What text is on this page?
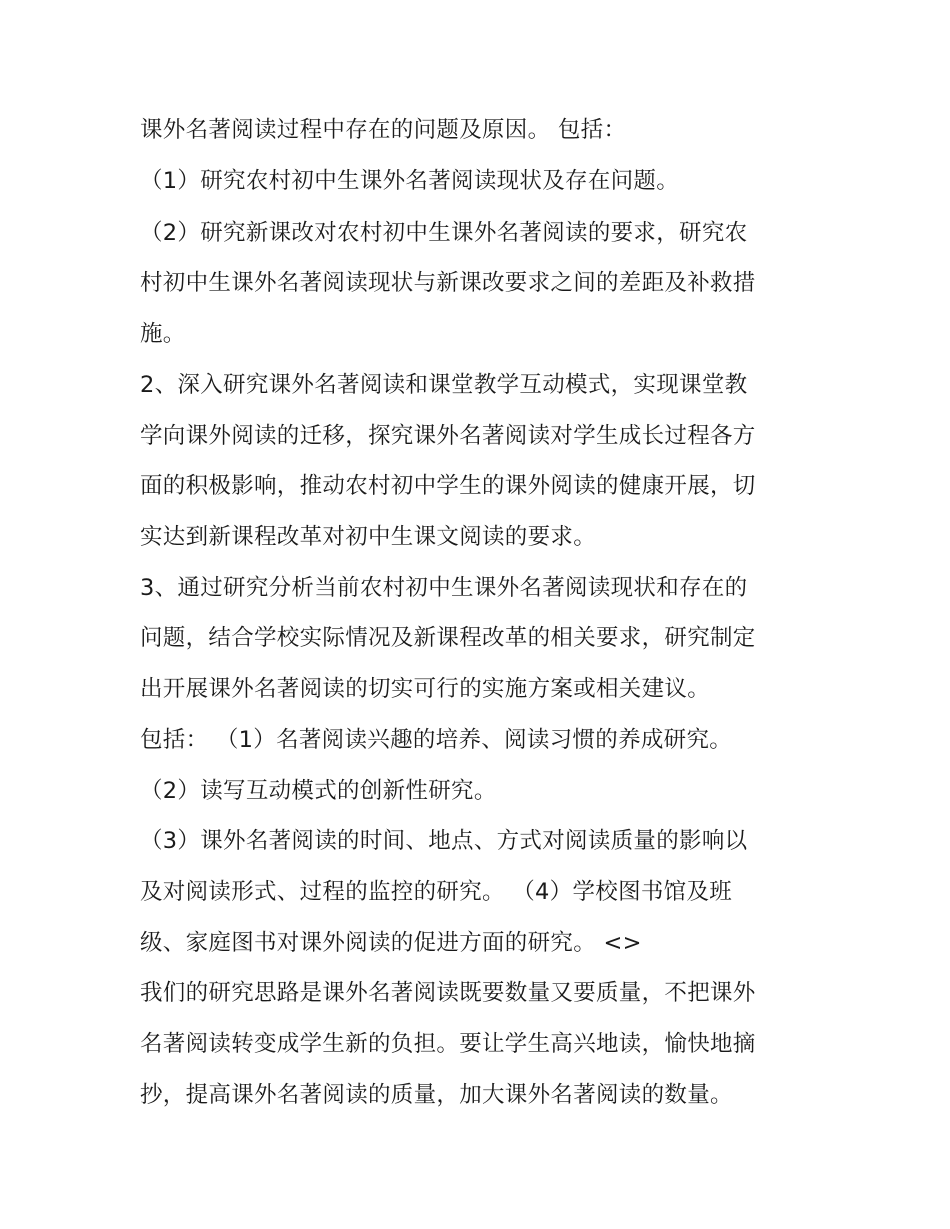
课外名著阅读过程中存在的问题及原因。 包括：
（1）研究农村初中生课外名著阅读现状及存在问题。
（2）研究新课改对农村初中生课外名著阅读的要求，研究农
村初中生课外名著阅读现状与新课改要求之间的差距及补救措
施。
2、深入研究课外名著阅读和课堂教学互动模式，实现课堂教
学向课外阅读的迁移，探究课外名著阅读对学生成长过程各方
面的积极影响，推动农村初中学生的课外阅读的健康开展，切
实达到新课程改革对初中生课文阅读的要求。
3、通过研究分析当前农村初中生课外名著阅读现状和存在的
问题，结合学校实际情况及新课程改革的相关要求，研究制定
出开展课外名著阅读的切实可行的实施方案或相关建议。
包括： （1）名著阅读兴趣的培养、阅读习惯的养成研究。
（2）读写互动模式的创新性研究。
（3）课外名著阅读的时间、地点、方式对阅读质量的影响以
及对阅读形式、过程的监控的研究。 （4）学校图书馆及班
级、家庭图书对课外阅读的促进方面的研究。 <>
我们的研究思路是课外名著阅读既要数量又要质量，不把课外
名著阅读转变成学生新的负担。要让学生高兴地读，愉快地摘
抄，提高课外名著阅读的质量，加大课外名著阅读的数量。
